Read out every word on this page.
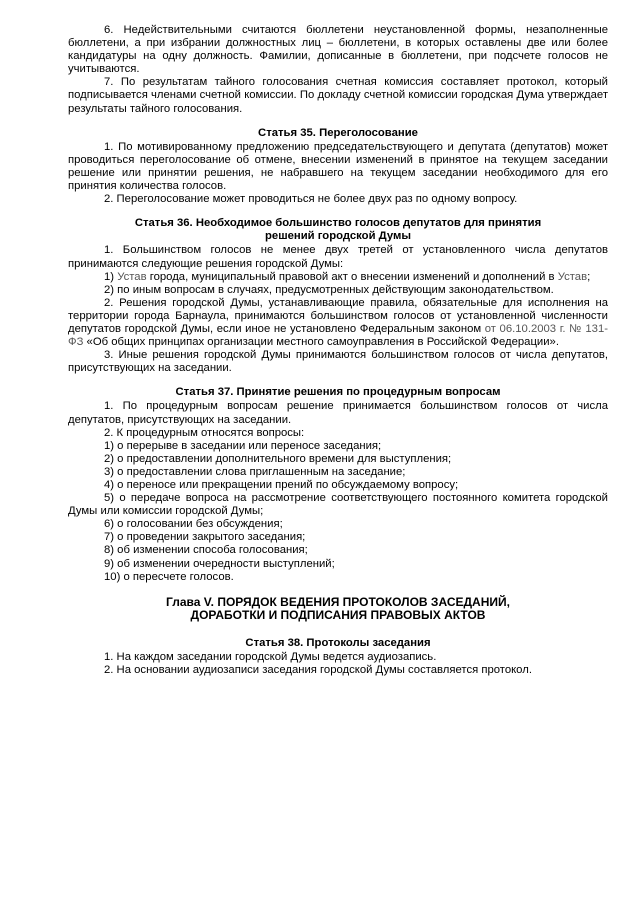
6. Недействительными считаются бюллетени неустановленной формы, незаполненные бюллетени, а при избрании должностных лиц – бюллетени, в которых оставлены две или более кандидатуры на одну должность. Фамилии, дописанные в бюллетени, при подсчете голосов не учитываются.

7. По результатам тайного голосования счетная комиссия составляет протокол, который подписывается членами счетной комиссии. По докладу счетной комиссии городская Дума утверждает результаты тайного голосования.

Статья 35. Переголосование

1. По мотивированному предложению председательствующего и депутата (депутатов) может проводиться переголосование об отмене, внесении изменений в принятое на текущем заседании решение или принятии решения, не набравшего на текущем заседании необходимого для его принятия количества голосов.

2. Переголосование может проводиться не более двух раз по одному вопросу.

Статья 36. Необходимое большинство голосов депутатов для принятия
решений городской Думы

1. Большинством голосов не менее двух третей от установленного числа депутатов принимаются следующие решения городской Думы:

1) Устав города, муниципальный правовой акт о внесении изменений и дополнений в Устав;

2) по иным вопросам в случаях, предусмотренных действующим законодательством.

2. Решения городской Думы, устанавливающие правила, обязательные для исполнения на территории города Барнаула, принимаются большинством голосов от установленной численности депутатов городской Думы, если иное не установлено Федеральным законом от 06.10.2003 г. № 131-ФЗ «Об общих принципах организации местного самоуправления в Российской Федерации».

3. Иные решения городской Думы принимаются большинством голосов от числа депутатов, присутствующих на заседании.

Статья 37. Принятие решения по процедурным вопросам

1. По процедурным вопросам решение принимается большинством голосов от числа депутатов, присутствующих на заседании.

2. К процедурным относятся вопросы:

1) о перерыве в заседании или переносе заседания;

2) о предоставлении дополнительного времени для выступления;

3) о предоставлении слова приглашенным на заседание;

4) о переносе или прекращении прений по обсуждаемому вопросу;

5) о передаче вопроса на рассмотрение соответствующего постоянного комитета городской Думы или комиссии городской Думы;

6) о голосовании без обсуждения;

7) о проведении закрытого заседания;

8) об изменении способа голосования;

9) об изменении очередности выступлений;

10) о пересчете голосов.

Глава V. ПОРЯДОК ВЕДЕНИЯ ПРОТОКОЛОВ ЗАСЕДАНИЙ,
ДОРАБОТКИ И ПОДПИСАНИЯ ПРАВОВЫХ АКТОВ
Статья 38. Протоколы заседания

1. На каждом заседании городской Думы ведется аудиозапись.

2. На основании аудиозаписи заседания городской Думы составляется протокол.
